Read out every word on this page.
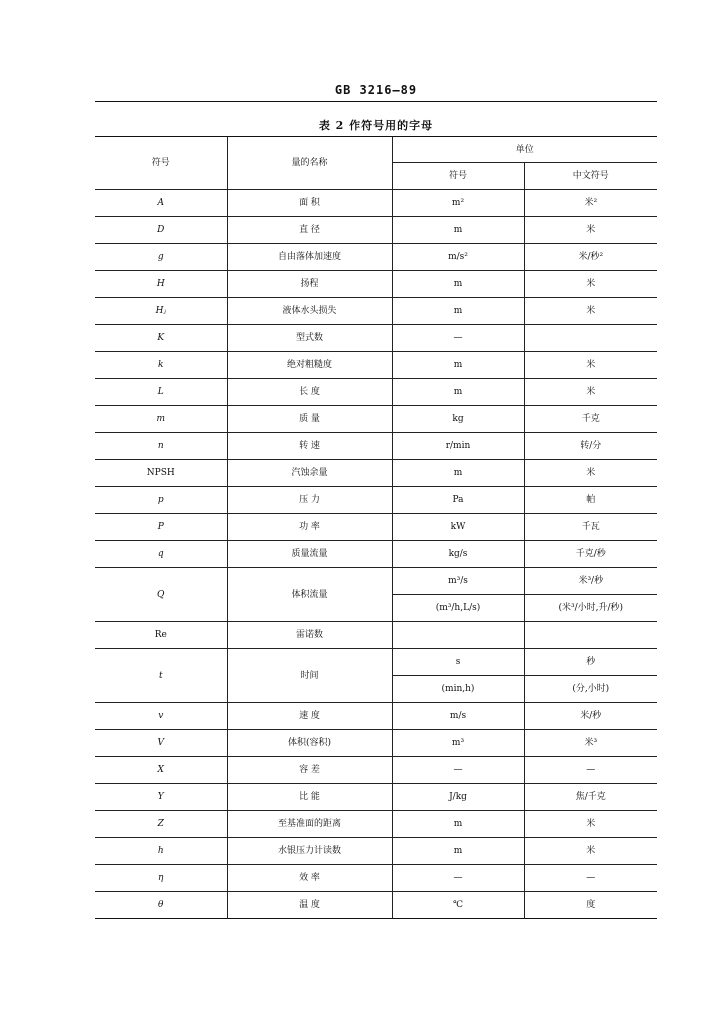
GB 3216—89
表 2 作符号用的字母
符号	量的名称	单位	
		符号	中文符号
A	面 积	m²	米²
D	直 径	m	米
g	自由落体加速度	m/s²	米/秒²
H	扬程	m	米
Hⱼ	液体水头损失	m	米
K	型式数	—	
k	绝对粗糙度	m	米
L	长 度	m	米
m	质 量	kg	千克
n	转 速	r/min	转/分
NPSH	汽蚀余量	m	米
p	压 力	Pa	帕
P	功 率	kW	千瓦
q	质量流量	kg/s	千克/秒
Q	体积流量	m³/s	米³/秒
		(m³/h,L/s)	(米³/小时,升/秒)
Re	雷诺数		
t	时间	s	秒
		(min,h)	(分,小时)
v	速 度	m/s	米/秒
V	体积(容积)	m³	米³
X	容 差	—	—
Y	比 能	J/kg	焦/千克
Z	至基准面的距离	m	米
h	水银压力计读数	m	米
η	效 率	—	—
θ	温 度	℃	度
